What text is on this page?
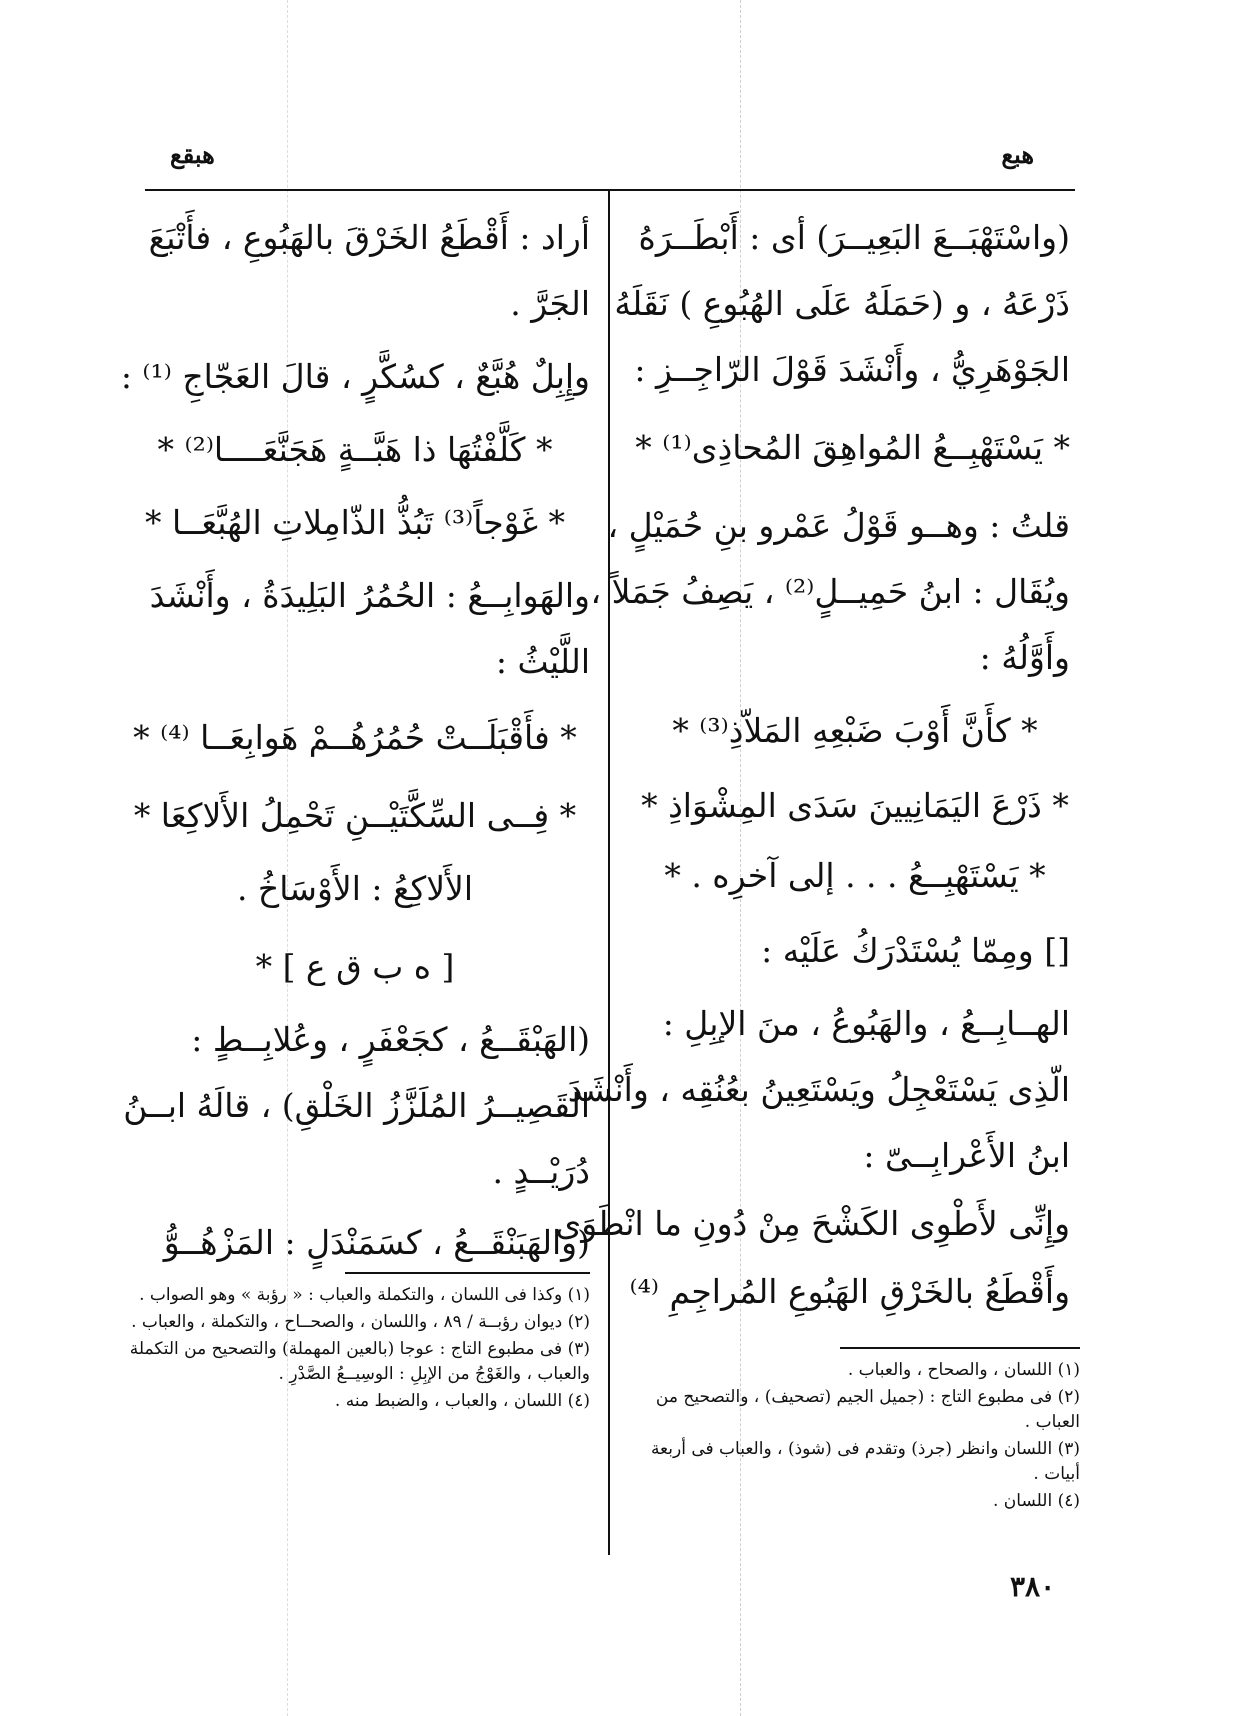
هبع
هبقع
(واسْتَهْبَــعَ البَعِيــرَ) أى : أَبْطَــرَهُ
ذَرْعَهُ ، و (حَمَلَهُ عَلَى الهُبُوعِ ) نَقَلَهُ
الجَوْهَرِيُّ ، وأَنْشَدَ قَوْلَ الرّاجِــزِ :
* يَسْتَهْبِــعُ المُواهِقَ المُحاذِى⁽¹⁾ *
قلتُ : وهــو قَوْلُ عَمْرو بنِ حُمَيْلٍ ،
ويُقَال : ابنُ حَمِيــلٍ⁽²⁾ ، يَصِفُ جَمَلاً ،
وأَوَّلُهُ :
* كأَنَّ أَوْبَ ضَبْعِهِ المَلاّذِ⁽³⁾ *
* ذَرْعَ اليَمَانِيينَ سَدَى المِشْوَاذِ *
* يَسْتَهْبِــعُ . . . إلى آخرِه . *
[] ومِمّا يُسْتَدْرَكُ عَلَيْه :
الهــابِــعُ ، والهَبُوعُ ، منَ الإبِلِ :
الّذِى يَسْتَعْجِلُ ويَسْتَعِينُ بعُنُقِه ، وأَنْشَدَ
ابنُ الأَعْرابِــىّ :
وإِنِّى لأَطْوِى الكَشْحَ مِنْ دُونِ ما انْطَوَى
وأَقْطَعُ بالخَرْقِ الهَبُوعِ المُراجِمِ ⁽⁴⁾
(١) اللسان ، والصحاح ، والعباب .
(٢) فى مطبوع التاج : (جميل الجيم (تصحيف) ، والتصحيح من العباب .
(٣) اللسان وانظر (جرذ) وتقدم فى (شوذ) ، والعباب فى أربعة أبيات .
(٤) اللسان .
أراد : أَقْطَعُ الخَرْقَ بالهَبُوعِ ، فأَتْبَعَ
الجَرَّ .
وإِبِلٌ هُبَّعٌ ، كسُكَّرٍ ، قالَ العَجّاجِ ⁽¹⁾ :
* كَلَّفْتُهَا ذا هَبَّــةٍ هَجَنَّعَــــا⁽²⁾ *
* غَوْجاً⁽³⁾ تَبُذُّ الذّامِلاتِ الهُبَّعَــا *
والهَوابِــعُ : الحُمُرُ البَلِيدَةُ ، وأَنْشَدَ
اللَّيْثُ :
* فأَقْبَلَــتْ حُمُرُهُــمْ هَوابِعَــا ⁽⁴⁾ *
* فِــى السِّكَّتَيْــنِ تَحْمِلُ الأَلاكِعَا *
الأَلاكِعُ : الأَوْسَاخُ .
[ ه ب ق ع ] *
(الهَبْقَــعُ ، كجَعْفَرٍ ، وعُلابِــطٍ :
القَصِيــرُ المُلَزَّزُ الخَلْقِ) ، قالَهُ ابــنُ
دُرَيْــدٍ .
(والهَبَنْقَــعُ ، كسَمَنْدَلٍ : المَزْهُــوُّ
(١) وكذا فى اللسان ، والتكملة والعباب : « رؤبة » وهو الصواب .
(٢) ديوان رؤبــة / ٨٩ ، واللسان ، والصحــاح ، والتكملة ، والعباب .
(٣) فى مطبوع التاج : عوجا (بالعين المهملة) والتصحيح من التكملة والعباب ، والغَوْجُ من الإبِلِ : الوسِيــعُ الصَّدْرِ .
(٤) اللسان ، والعباب ، والضبط منه .
٣٨٠
